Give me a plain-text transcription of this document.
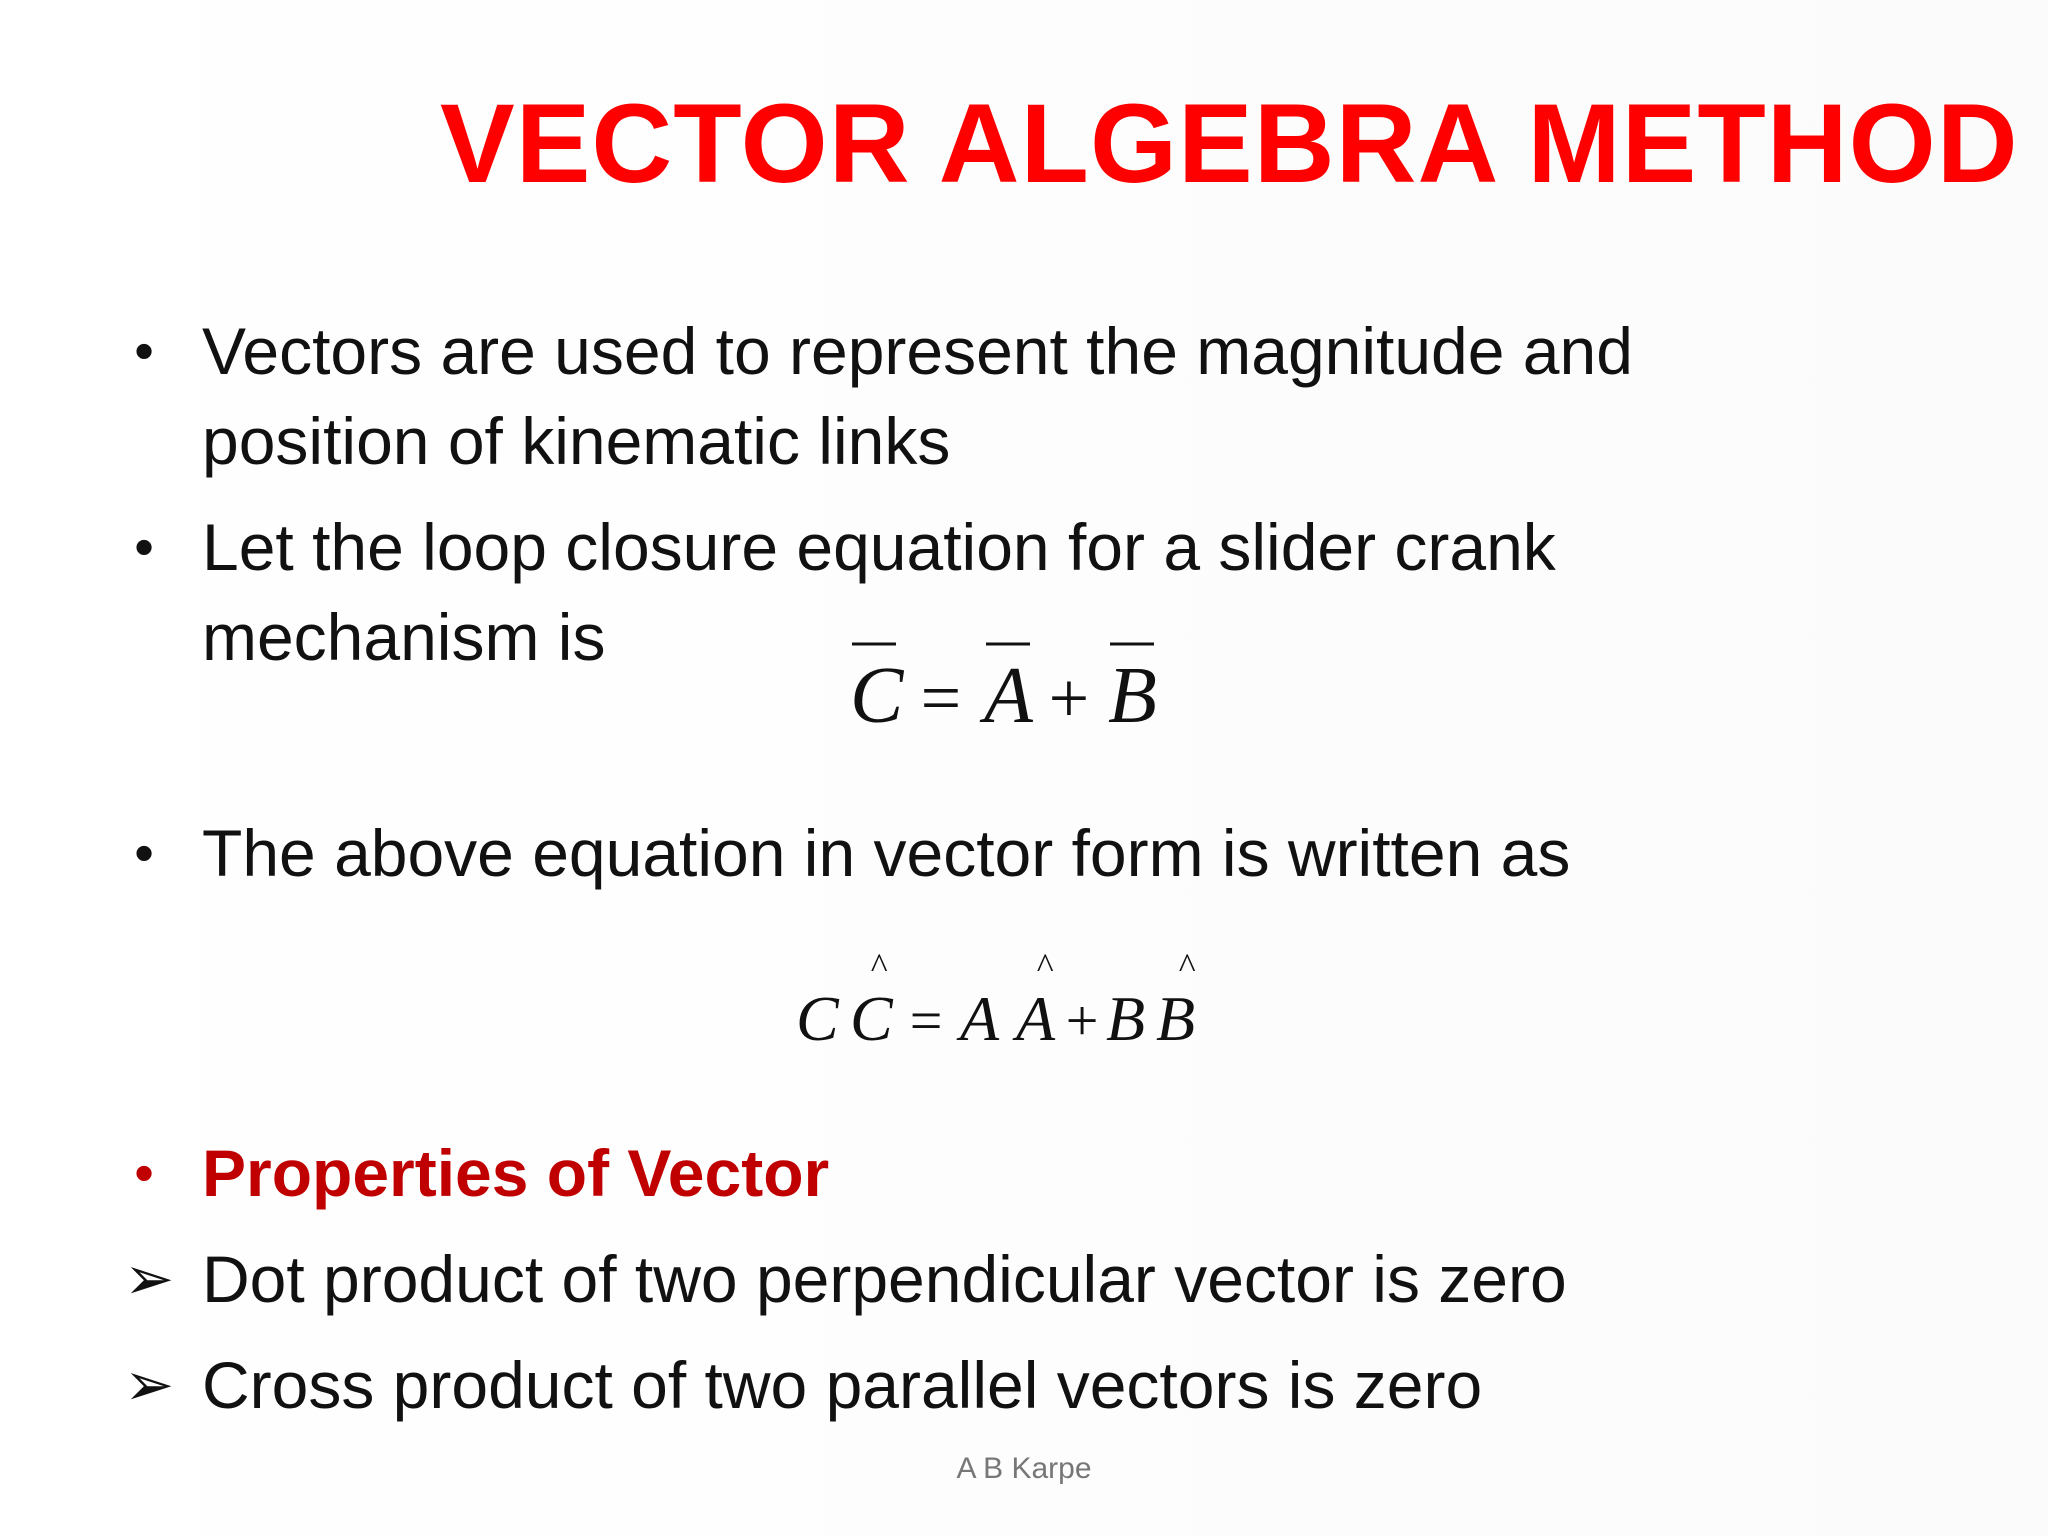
VECTOR ALGEBRA METHOD
• Vectors are used to represent the magnitude and
position of kinematic links
• Let the loop closure equation for a slider crank
mechanism is
C = A + B
• The above equation in vector form is written as
^	^	^
C C = A A + B B
• Properties of Vector
➢ Dot product of two perpendicular vector is zero
➢ Cross product of two parallel vectors is zero
A B Karpe
